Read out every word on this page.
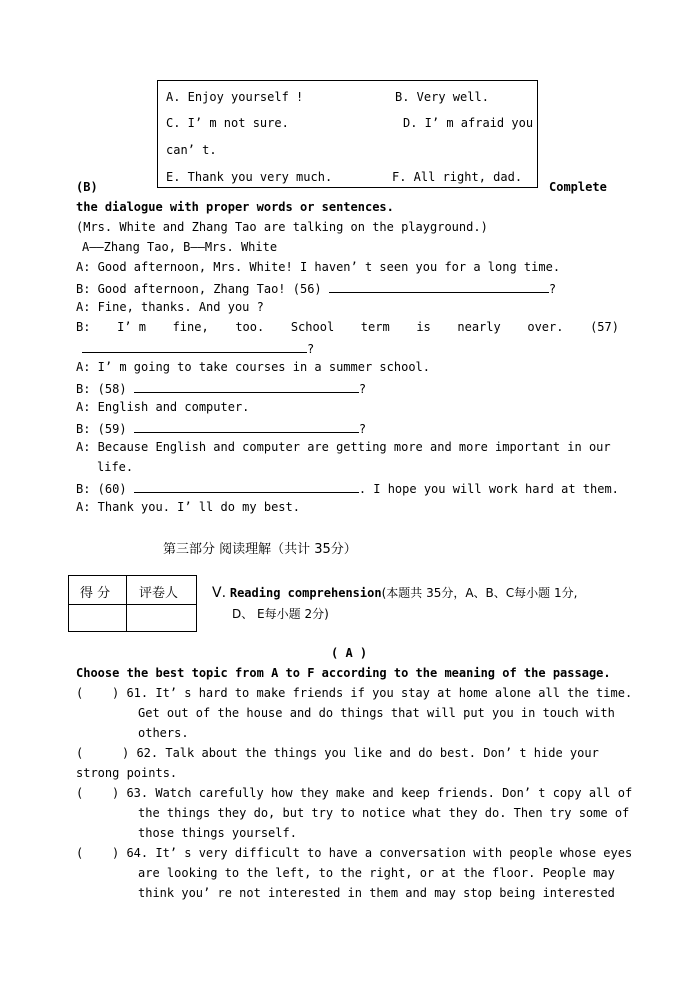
A. Enjoy yourself !	B. Very well.
C. I’ m not sure.	D. I’ m afraid you
can’ t.
E. Thank you very much.	F. All right, dad.
(B)	Complete
the dialogue with proper words or sentences.
(Mrs. White and Zhang Tao are talking on the playground.)
A——Zhang Tao, B——Mrs. White
A: Good afternoon, Mrs. White! I haven’ t seen you for a long time.
B: Good afternoon, Zhang Tao! (56)	?
A: Fine, thanks. And you ?
B: I’ m fine, too. School term is nearly over. (57)
?
A: I’ m going to take courses in a summer school.
B: (58)	?
A: English and computer.
B: (59)	?
A: Because English and computer are getting more and more important in our
life.
B: (60)	. I hope you will work hard at them.
A: Thank you. I’ ll do my best.
第三部分 阅读理解（共计 35分）
得 分 评卷人 Ⅴ. Reading comprehension(本题共 35分，A、B、C每小题 1分,
D、 E每小题 2分)
( A )
Choose the best topic from A to F according to the meaning of the passage.
( ) 61. It’ s hard to make friends if you stay at home alone all the time.
Get out of the house and do things that will put you in touch with
others.
(	) 62. Talk about the things you like and do best. Don’ t hide your
strong points.
( ) 63. Watch carefully how they make and keep friends. Don’ t copy all of
the things they do, but try to notice what they do. Then try some of
those things yourself.
( ) 64. It’ s very difficult to have a conversation with people whose eyes
are looking to the left, to the right, or at the floor. People may
think you’ re not interested in them and may stop being interested
